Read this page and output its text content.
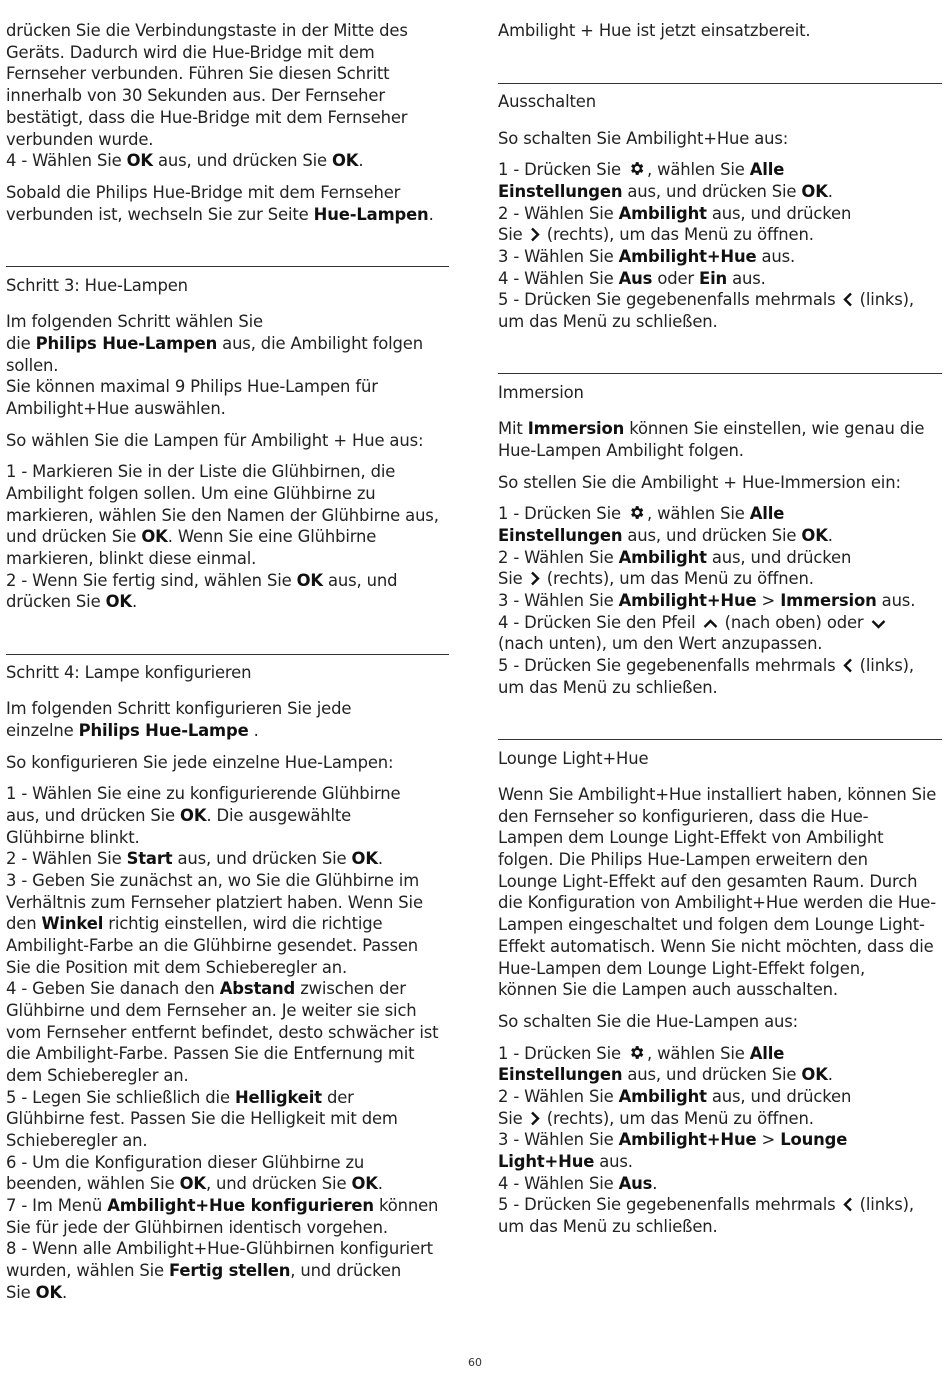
drücken Sie die Verbindungstaste in der Mitte des
Geräts. Dadurch wird die Hue-Bridge mit dem
Fernseher verbunden. Führen Sie diesen Schritt
innerhalb von 30 Sekunden aus. Der Fernseher
bestätigt, dass die Hue-Bridge mit dem Fernseher
verbunden wurde.
4 - Wählen Sie OK aus, und drücken Sie OK.
Sobald die Philips Hue-Bridge mit dem Fernseher
verbunden ist, wechseln Sie zur Seite Hue-Lampen.
Schritt 3: Hue-Lampen
Im folgenden Schritt wählen Sie
die Philips Hue-Lampen aus, die Ambilight folgen
sollen.
Sie können maximal 9 Philips Hue-Lampen für
Ambilight+Hue auswählen.
So wählen Sie die Lampen für Ambilight + Hue aus:
1 - Markieren Sie in der Liste die Glühbirnen, die
Ambilight folgen sollen. Um eine Glühbirne zu
markieren, wählen Sie den Namen der Glühbirne aus,
und drücken Sie OK. Wenn Sie eine Glühbirne
markieren, blinkt diese einmal.
2 - Wenn Sie fertig sind, wählen Sie OK aus, und
drücken Sie OK.
Schritt 4: Lampe konfigurieren
Im folgenden Schritt konfigurieren Sie jede
einzelne Philips Hue-Lampe .
So konfigurieren Sie jede einzelne Hue-Lampen:
1 - Wählen Sie eine zu konfigurierende Glühbirne
aus, und drücken Sie OK. Die ausgewählte
Glühbirne blinkt.
2 - Wählen Sie Start aus, und drücken Sie OK.
3 - Geben Sie zunächst an, wo Sie die Glühbirne im
Verhältnis zum Fernseher platziert haben. Wenn Sie
den Winkel richtig einstellen, wird die richtige
Ambilight-Farbe an die Glühbirne gesendet. Passen
Sie die Position mit dem Schieberegler an.
4 - Geben Sie danach den Abstand zwischen der
Glühbirne und dem Fernseher an. Je weiter sie sich
vom Fernseher entfernt befindet, desto schwächer ist
die Ambilight-Farbe. Passen Sie die Entfernung mit
dem Schieberegler an.
5 - Legen Sie schließlich die Helligkeit der
Glühbirne fest. Passen Sie die Helligkeit mit dem
Schieberegler an.
6 - Um die Konfiguration dieser Glühbirne zu
beenden, wählen Sie OK, und drücken Sie OK.
7 - Im Menü Ambilight+Hue konfigurieren können
Sie für jede der Glühbirnen identisch vorgehen.
8 - Wenn alle Ambilight+Hue-Glühbirnen konfiguriert
wurden, wählen Sie Fertig stellen, und drücken
Sie OK.
Ambilight + Hue ist jetzt einsatzbereit.
Ausschalten
So schalten Sie Ambilight+Hue aus:
1 - Drücken Sie , wählen Sie Alle
Einstellungen aus, und drücken Sie OK.
2 - Wählen Sie Ambilight aus, und drücken
Sie  (rechts), um das Menü zu öffnen.
3 - Wählen Sie Ambilight+Hue aus.
4 - Wählen Sie Aus oder Ein aus.
5 - Drücken Sie gegebenenfalls mehrmals  (links),
um das Menü zu schließen.
Immersion
Mit Immersion können Sie einstellen, wie genau die
Hue-Lampen Ambilight folgen.
So stellen Sie die Ambilight + Hue-Immersion ein:
1 - Drücken Sie , wählen Sie Alle
Einstellungen aus, und drücken Sie OK.
2 - Wählen Sie Ambilight aus, und drücken
Sie  (rechts), um das Menü zu öffnen.
3 - Wählen Sie Ambilight+Hue > Immersion aus.
4 - Drücken Sie den Pfeil  (nach oben) oder
(nach unten), um den Wert anzupassen.
5 - Drücken Sie gegebenenfalls mehrmals  (links),
um das Menü zu schließen.
Lounge Light+Hue
Wenn Sie Ambilight+Hue installiert haben, können Sie
den Fernseher so konfigurieren, dass die Hue-
Lampen dem Lounge Light-Effekt von Ambilight
folgen. Die Philips Hue-Lampen erweitern den
Lounge Light-Effekt auf den gesamten Raum. Durch
die Konfiguration von Ambilight+Hue werden die Hue-
Lampen eingeschaltet und folgen dem Lounge Light-
Effekt automatisch. Wenn Sie nicht möchten, dass die
Hue-Lampen dem Lounge Light-Effekt folgen,
können Sie die Lampen auch ausschalten.
So schalten Sie die Hue-Lampen aus:
1 - Drücken Sie , wählen Sie Alle
Einstellungen aus, und drücken Sie OK.
2 - Wählen Sie Ambilight aus, und drücken
Sie  (rechts), um das Menü zu öffnen.
3 - Wählen Sie Ambilight+Hue > Lounge
Light+Hue aus.
4 - Wählen Sie Aus.
5 - Drücken Sie gegebenenfalls mehrmals  (links),
um das Menü zu schließen.
60
